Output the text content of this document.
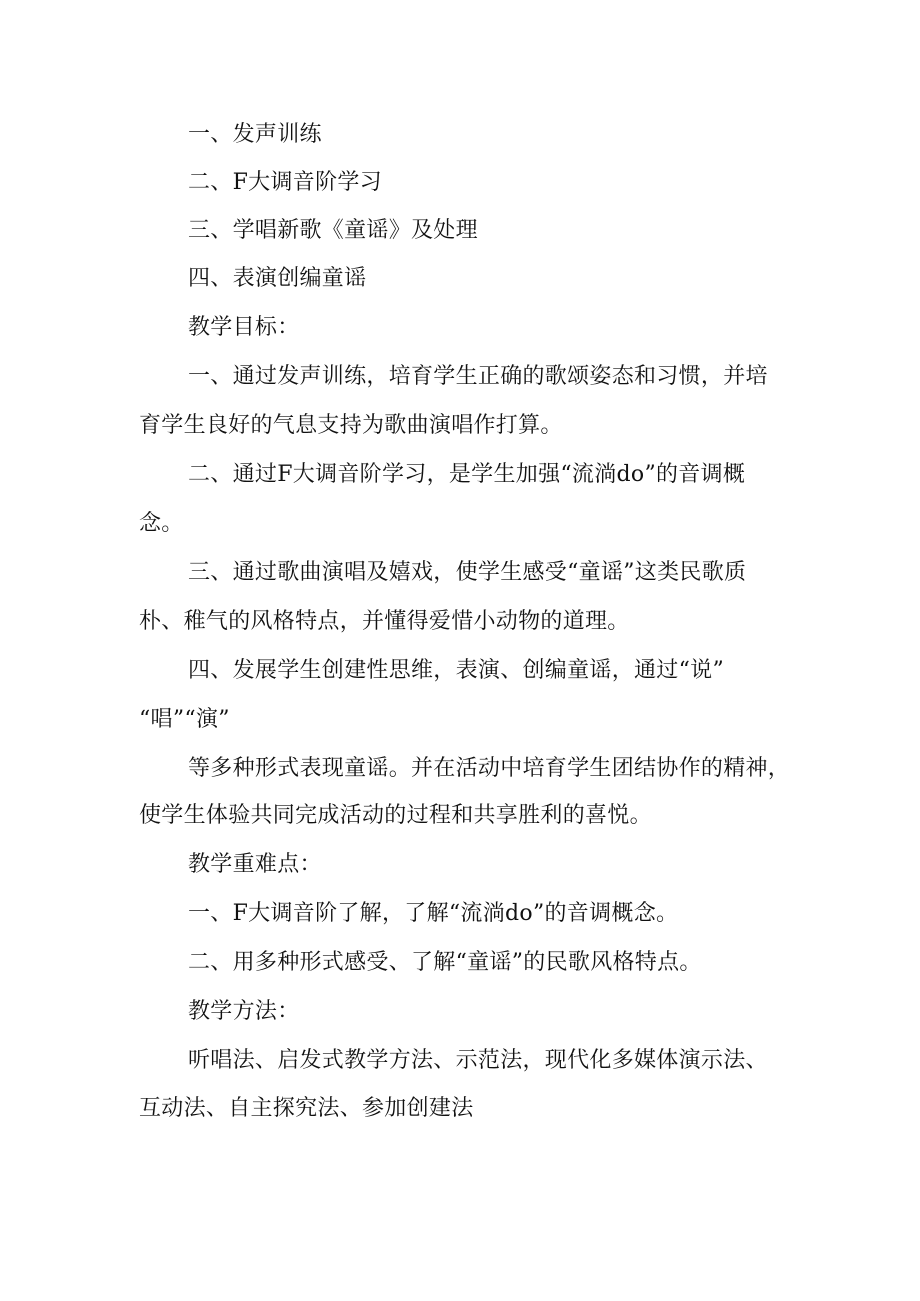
一、发声训练
二、F大调音阶学习
三、学唱新歌《童谣》及处理
四、表演创编童谣
教学目标：
一、通过发声训练，培育学生正确的歌颂姿态和习惯，并培
育学生良好的气息支持为歌曲演唱作打算。
二、通过F大调音阶学习，是学生加强“流淌do”的音调概
念。
三、通过歌曲演唱及嬉戏，使学生感受“童谣”这类民歌质
朴、稚气的风格特点，并懂得爱惜小动物的道理。
四、发展学生创建性思维，表演、创编童谣，通过“说”
“唱”“演”
等多种形式表现童谣。并在活动中培育学生团结协作的精神，
使学生体验共同完成活动的过程和共享胜利的喜悦。
教学重难点：
一、F大调音阶了解，了解“流淌do”的音调概念。
二、用多种形式感受、了解“童谣”的民歌风格特点。
教学方法：
听唱法、启发式教学方法、示范法，现代化多媒体演示法、
互动法、自主探究法、参加创建法
